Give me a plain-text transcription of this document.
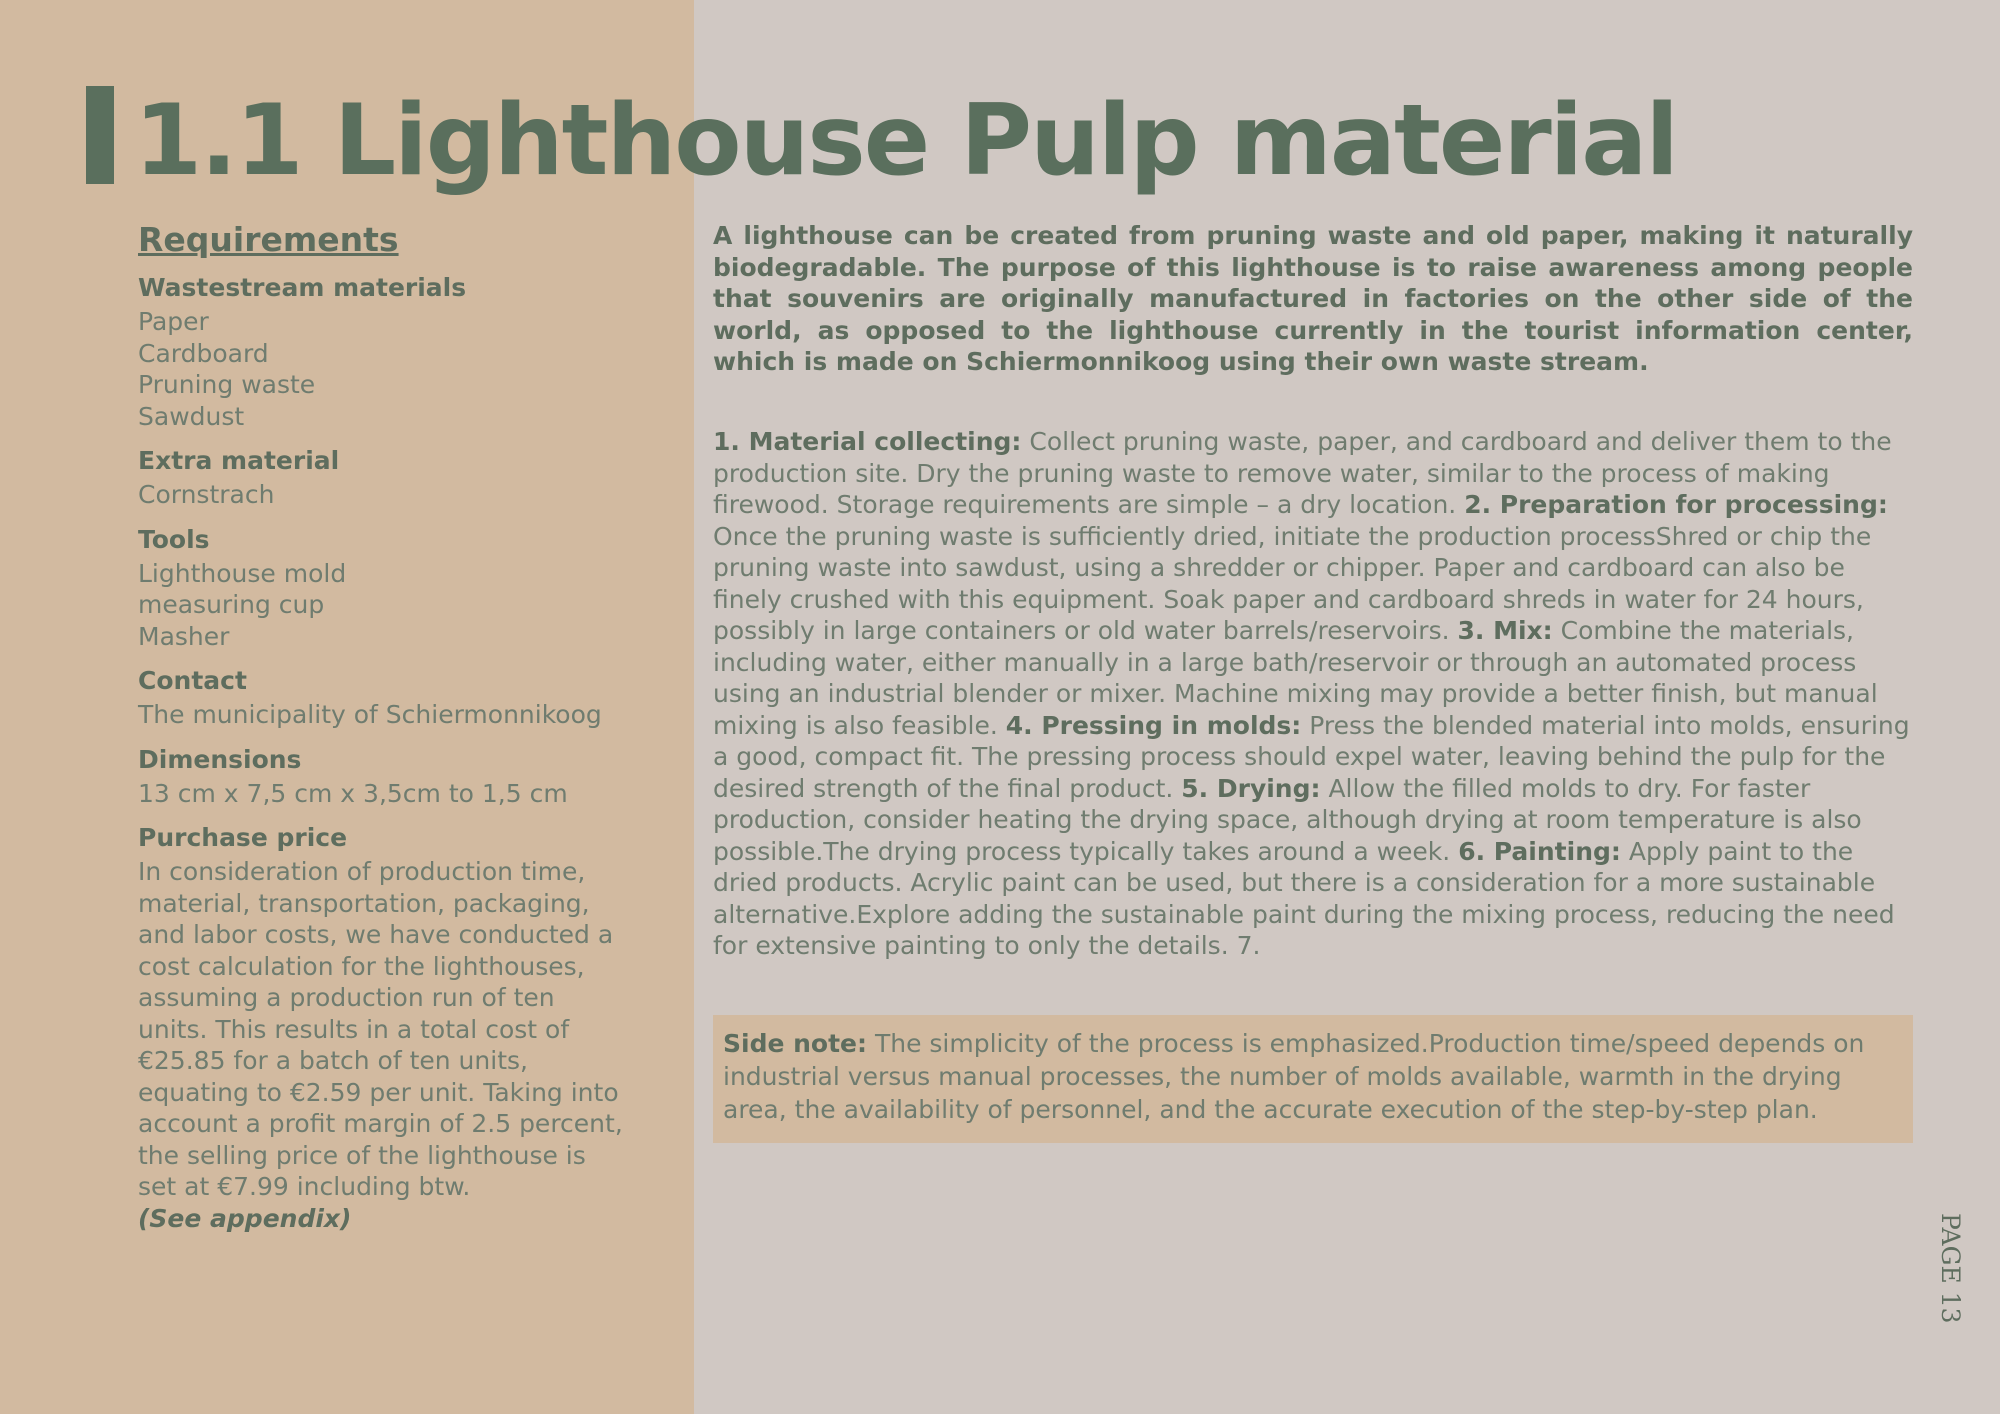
1.1 Lighthouse Pulp material
Requirements
Wastestream materials
Paper
Cardboard
Pruning waste
Sawdust
Extra material
Cornstrach
Tools
Lighthouse mold
measuring cup
Masher
Contact
The municipality of Schiermonnikoog
Dimensions
13 cm x 7,5 cm x 3,5cm to 1,5 cm
Purchase price
In consideration of production time,
material, transportation, packaging,
and labor costs, we have conducted a
cost calculation for the lighthouses,
assuming a production run of ten
units. This results in a total cost of
€25.85 for a batch of ten units,
equating to €2.59 per unit. Taking into
account a profit margin of 2.5 percent,
the selling price of the lighthouse is
set at €7.99 including btw.
(See appendix)

A lighthouse can be created from pruning waste and old paper, making it naturally biodegradable. The purpose of this lighthouse is to raise awareness among people that souvenirs are originally manufactured in factories on the other side of the world, as opposed to the lighthouse currently in the tourist information center, which is made on Schiermonnikoog using their own waste stream.

1. Material collecting: Collect pruning waste, paper, and cardboard and deliver them to the production site. Dry the pruning waste to remove water, similar to the process of making firewood. Storage requirements are simple – a dry location. 2. Preparation for processing: Once the pruning waste is sufficiently dried, initiate the production processShred or chip the pruning waste into sawdust, using a shredder or chipper. Paper and cardboard can also be finely crushed with this equipment. Soak paper and cardboard shreds in water for 24 hours, possibly in large containers or old water barrels/reservoirs. 3. Mix: Combine the materials, including water, either manually in a large bath/reservoir or through an automated process using an industrial blender or mixer. Machine mixing may provide a better finish, but manual mixing is also feasible. 4. Pressing in molds: Press the blended material into molds, ensuring a good, compact fit. The pressing process should expel water, leaving behind the pulp for the desired strength of the final product. 5. Drying: Allow the filled molds to dry. For faster production, consider heating the drying space, although drying at room temperature is also possible.The drying process typically takes around a week. 6. Painting: Apply paint to the dried products. Acrylic paint can be used, but there is a consideration for a more sustainable alternative.Explore adding the sustainable paint during the mixing process, reducing the need for extensive painting to only the details. 7.

Side note: The simplicity of the process is emphasized.Production time/speed depends on industrial versus manual processes, the number of molds available, warmth in the drying area, the availability of personnel, and the accurate execution of the step-by-step plan.

PAGE 13
